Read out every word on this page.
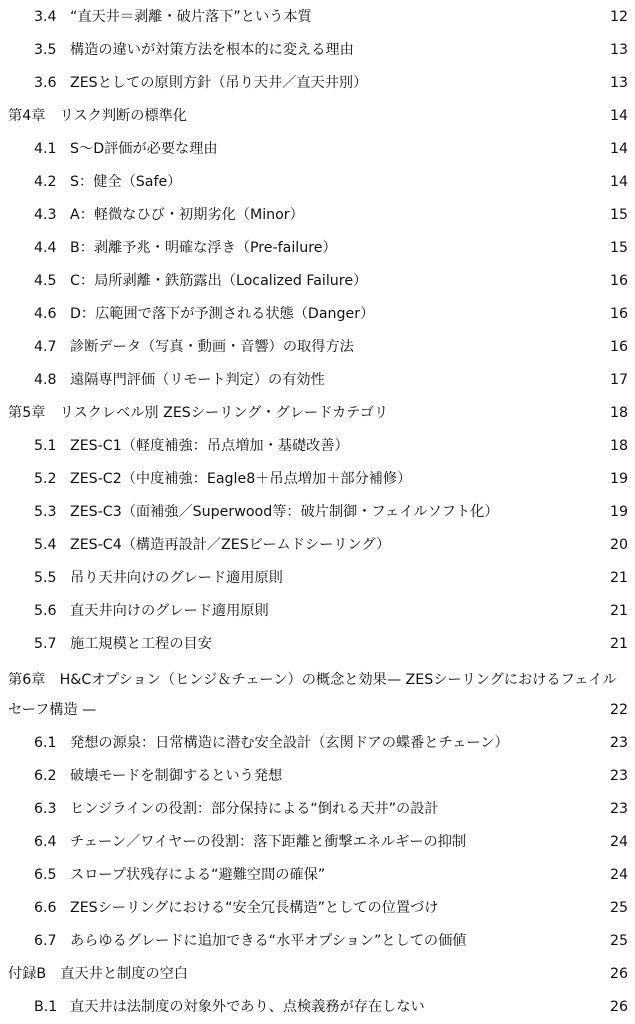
3.4 “直天井＝剥離・破片落下”という本質	12
3.5 構造の違いが対策方法を根本的に変える理由	13
3.6 ZESとしての原則方針（吊り天井／直天井別）	13
第4章　リスク判断の標準化	14
4.1 S〜D評価が必要な理由	14
4.2 S：健全（Safe）	14
4.3 A：軽微なひび・初期劣化（Minor）	15
4.4 B：剥離予兆・明確な浮き（Pre-failure）	15
4.5 C：局所剥離・鉄筋露出（Localized Failure）	16
4.6 D：広範囲で落下が予測される状態（Danger）	16
4.7 診断データ（写真・動画・音響）の取得方法	16
4.8 遠隔専門評価（リモート判定）の有効性	17
第5章　リスクレベル別 ZESシーリング・グレードカテゴリ	18
5.1 ZES-C1（軽度補強：吊点増加・基礎改善）	18
5.2 ZES-C2（中度補強：Eagle8＋吊点増加＋部分補修）	19
5.3 ZES-C3（面補強／Superwood等：破片制御・フェイルソフト化）	19
5.4 ZES-C4（構造再設計／ZESビームドシーリング）	20
5.5 吊り天井向けのグレード適用原則	21
5.6 直天井向けのグレード適用原則	21
5.7 施工規模と工程の目安	21
第6章　H&Cオプション（ヒンジ＆チェーン）の概念と効果— ZESシーリングにおけるフェイルセーフ構造 —	22
6.1 発想の源泉：日常構造に潜む安全設計（玄関ドアの蝶番とチェーン）	23
6.2 破壊モードを制御するという発想	23
6.3 ヒンジラインの役割：部分保持による“倒れる天井”の設計	23
6.4 チェーン／ワイヤーの役割：落下距離と衝撃エネルギーの抑制	24
6.5 スロープ状残存による“避難空間の確保”	24
6.6 ZESシーリングにおける“安全冗長構造”としての位置づけ	25
6.7 あらゆるグレードに追加できる“水平オプション”としての価値	25
付録B　直天井と制度の空白	26
B.1 直天井は法制度の対象外であり、点検義務が存在しない	26
